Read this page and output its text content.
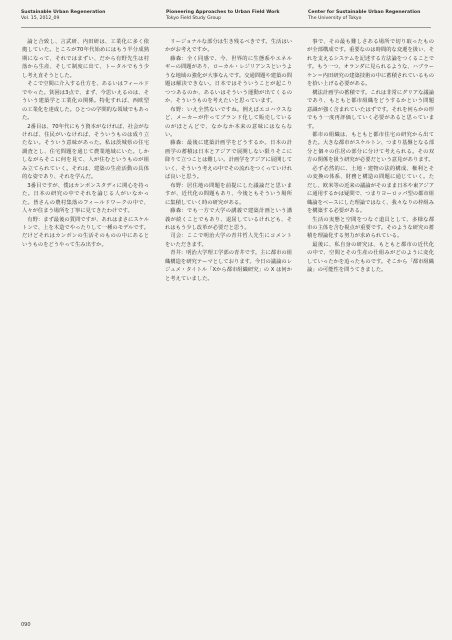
Sustainable Urban Regeneration
Vol. 15, 2012_09
Pioneering Approaches to Urban Field Work
Tokyo Field Study Group
Center for Sustainable Urban Regeneration
The University of Tokyo

論と合致し、言武研、内田研は、工業化に多く依拠していた。ところが70年代始めにはもう半分成熟期になって、それではまずい、だから有野先生は村落から生産、そして制度に出て、トータルでもう少し考え直そうとした。

そこで空間に介入する仕方を、あるいはフィールドでやった。貧困は3点で、まず、今思いえるのは、そういう建築学と工業化の関係。特化すれば、西欧型の工業化を達成した。ひとつの学問的な領域でもあった。

2番目は、70年代にもう資本がなければ、社会がなければ、住民がいなければ、そういうものは成り立たない。そういう意味があった。私は茨城県の住宅調査とし、住宅問題を通じて農業地域にいた。しかしながらそこに何を見て、人が住むというものが組み立てられていく。それは、建築の生産活動の具体的な姿であり、それを学んだ。

3番目ですが、僕はカンボンスタディに関心を持った。日本の研究の中でそれを論じる人がいなかった。皆さんの農村集落のフィールドワークの中で、人々が住まう場所を丁寧に見てきたわけです。

有野：まず最後の質問ですが、あれはまさにスケルトンで、上を木造でやったりして一種のモデルです。だけどそれはカンボンの生活そのものの中にあるというものをどうやって生み出すか。

リージョナルな部分は生き残るべきです。生活はいかがお考えですか。

藤森：全く同感で、今、世界的に生態系やエネルギーの問題があり、ローカル・レジリアンスというような地域の強化が大事なんです。交通問題や建築の問題は解決できない。日本ではそういうことが起こりつつあるのか、あるいはそういう運動が出てくるのか、そういうものを考えたいと思っています。

布野：いえ全然ないですね。例えばエコハウスなど、メーカーが作ってブランド化して販売しているのがほとんどで、なかなか本来の意味にはならない。

藤森：最後に建築計画学をどうするか。日本の計画学の蓄積は日本とアジアで展開しない限りそこに降りて立つことは難しい。計画学をアジアに展開していく、そういう考えの中でその流れをつくっていければ良いと思う。

布野：居住地の問題を前提にした議論だと思いますが、近代化の問題もあり、今後ともそういう場所に集積していく時の研究がある。

藤森：でも一方で大学の講義で建築計画という講義が続くことでもあり、退屈しているけれども、それはもう少し改革が必要だと思う。

司会：ここで明治大学の青井哲人先生にコメントをいただきます。

青井：明治大学理工学部の青井です。主に都市の組織構造を研究テーマとしております。今日の議論のレジュメ・タイトル「Xから都市組織研究」の X は何かと考えていました。

事で、その最も難しさある場所で切り取ったものが全部構成です。重要なのは時間的な変遷を扱い、それを支えるシステムを記述する方法論をつくることです。もう一つ、オランダに見られるような、ハブラーケン＝内田研究の建築技術の中に蓄積されているものを拾い上げる必要がある。

構法計画学の蓄積です。これは非常にグリアな議論であり、もともと都市組織をどうするかという問題意識が強く含まれていたはずです。それを何らかの形でもう一度再評価していく必要があると思っています。

都市の組織は、もともと都市住宅の研究から出てきた。大きな都市がスケルトン、つまり基盤となる部分と個々の住居の部分に分けて考えられる。その双方の関係を扱う研究が必要だという意見があります。

必ず必然的に、土地・建物の法的構成、権利とその変換の体系、財務と構造の問題に通じていく。ただし、欧米等の近来の議論がそのまま日本や東アジアに通用するかは疑問で、つまりヨーロッパ型の都市組織論をベースにした理論ではなく、我々なりの枠組みを構築する必要がある。

生活の実態と空間をつなぐ道具として、多様な都市の主体を含む視点が重要です。そのような研究の蓄積を理論化する努力が求められている。

最後に、私自身の研究は、もともと都市の近代化の中で、空間とその生産の仕組みがどのように変化していったかを追ったものです。そこから「都市組織論」の可能性を問うてきました。

090
